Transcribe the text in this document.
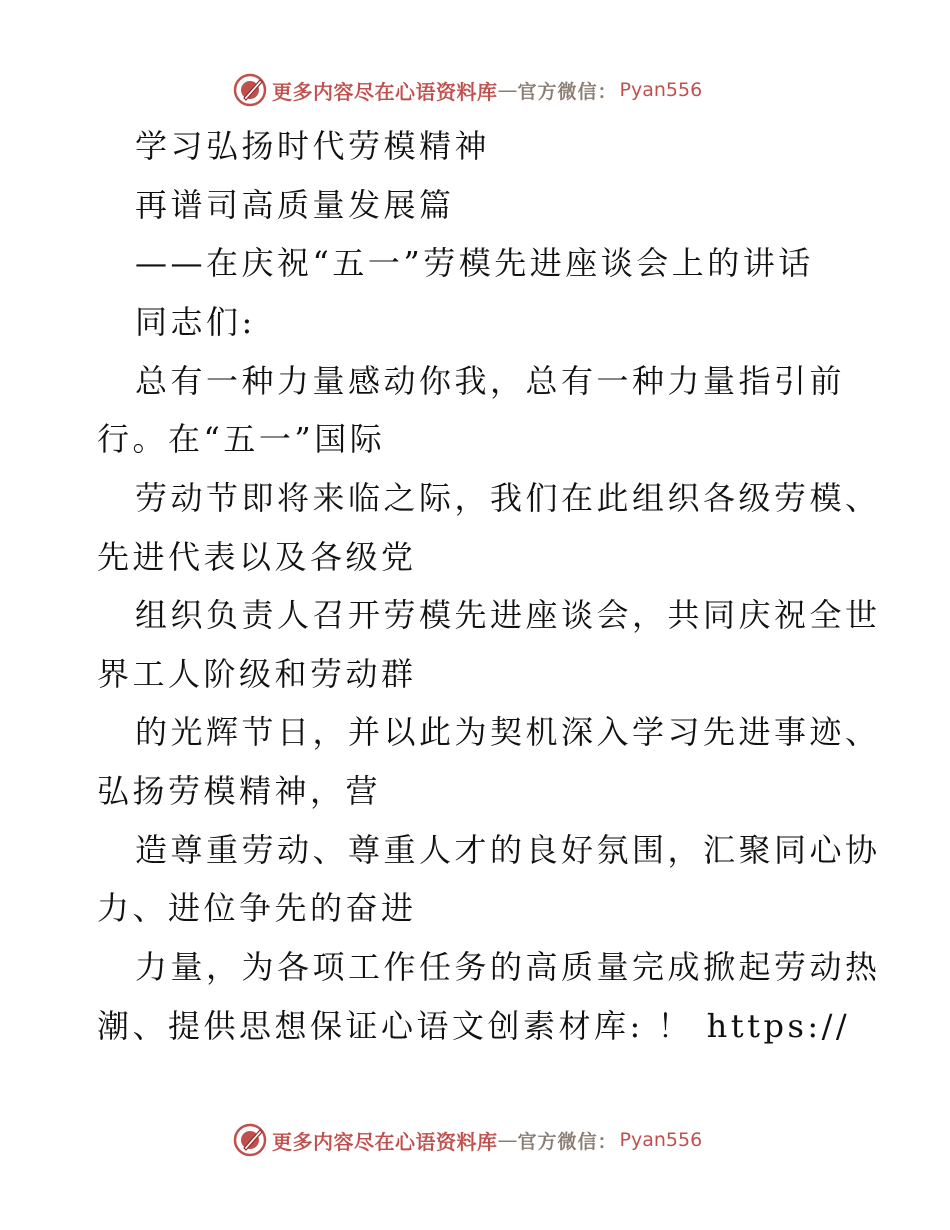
更多内容尽在心语资料库 — 官方微信： Pyan556
学习弘扬时代劳模精神
再谱司高质量发展篇
——在庆祝“五一”劳模先进座谈会上的讲话
同志们:
总有一种力量感动你我，总有一种力量指引前
行。在“五一”国际
劳动节即将来临之际，我们在此组织各级劳模、
先进代表以及各级党
组织负责人召开劳模先进座谈会，共同庆祝全世
界工人阶级和劳动群
的光辉节日，并以此为契机深入学习先进事迹、
弘扬劳模精神，营
造尊重劳动、尊重人才的良好氛围，汇聚同心协
力、进位争先的奋进
力量，为各项工作任务的高质量完成掀起劳动热
潮、提供思想保证心语文创素材库: ！ https://
更多内容尽在心语资料库 — 官方微信： Pyan556
